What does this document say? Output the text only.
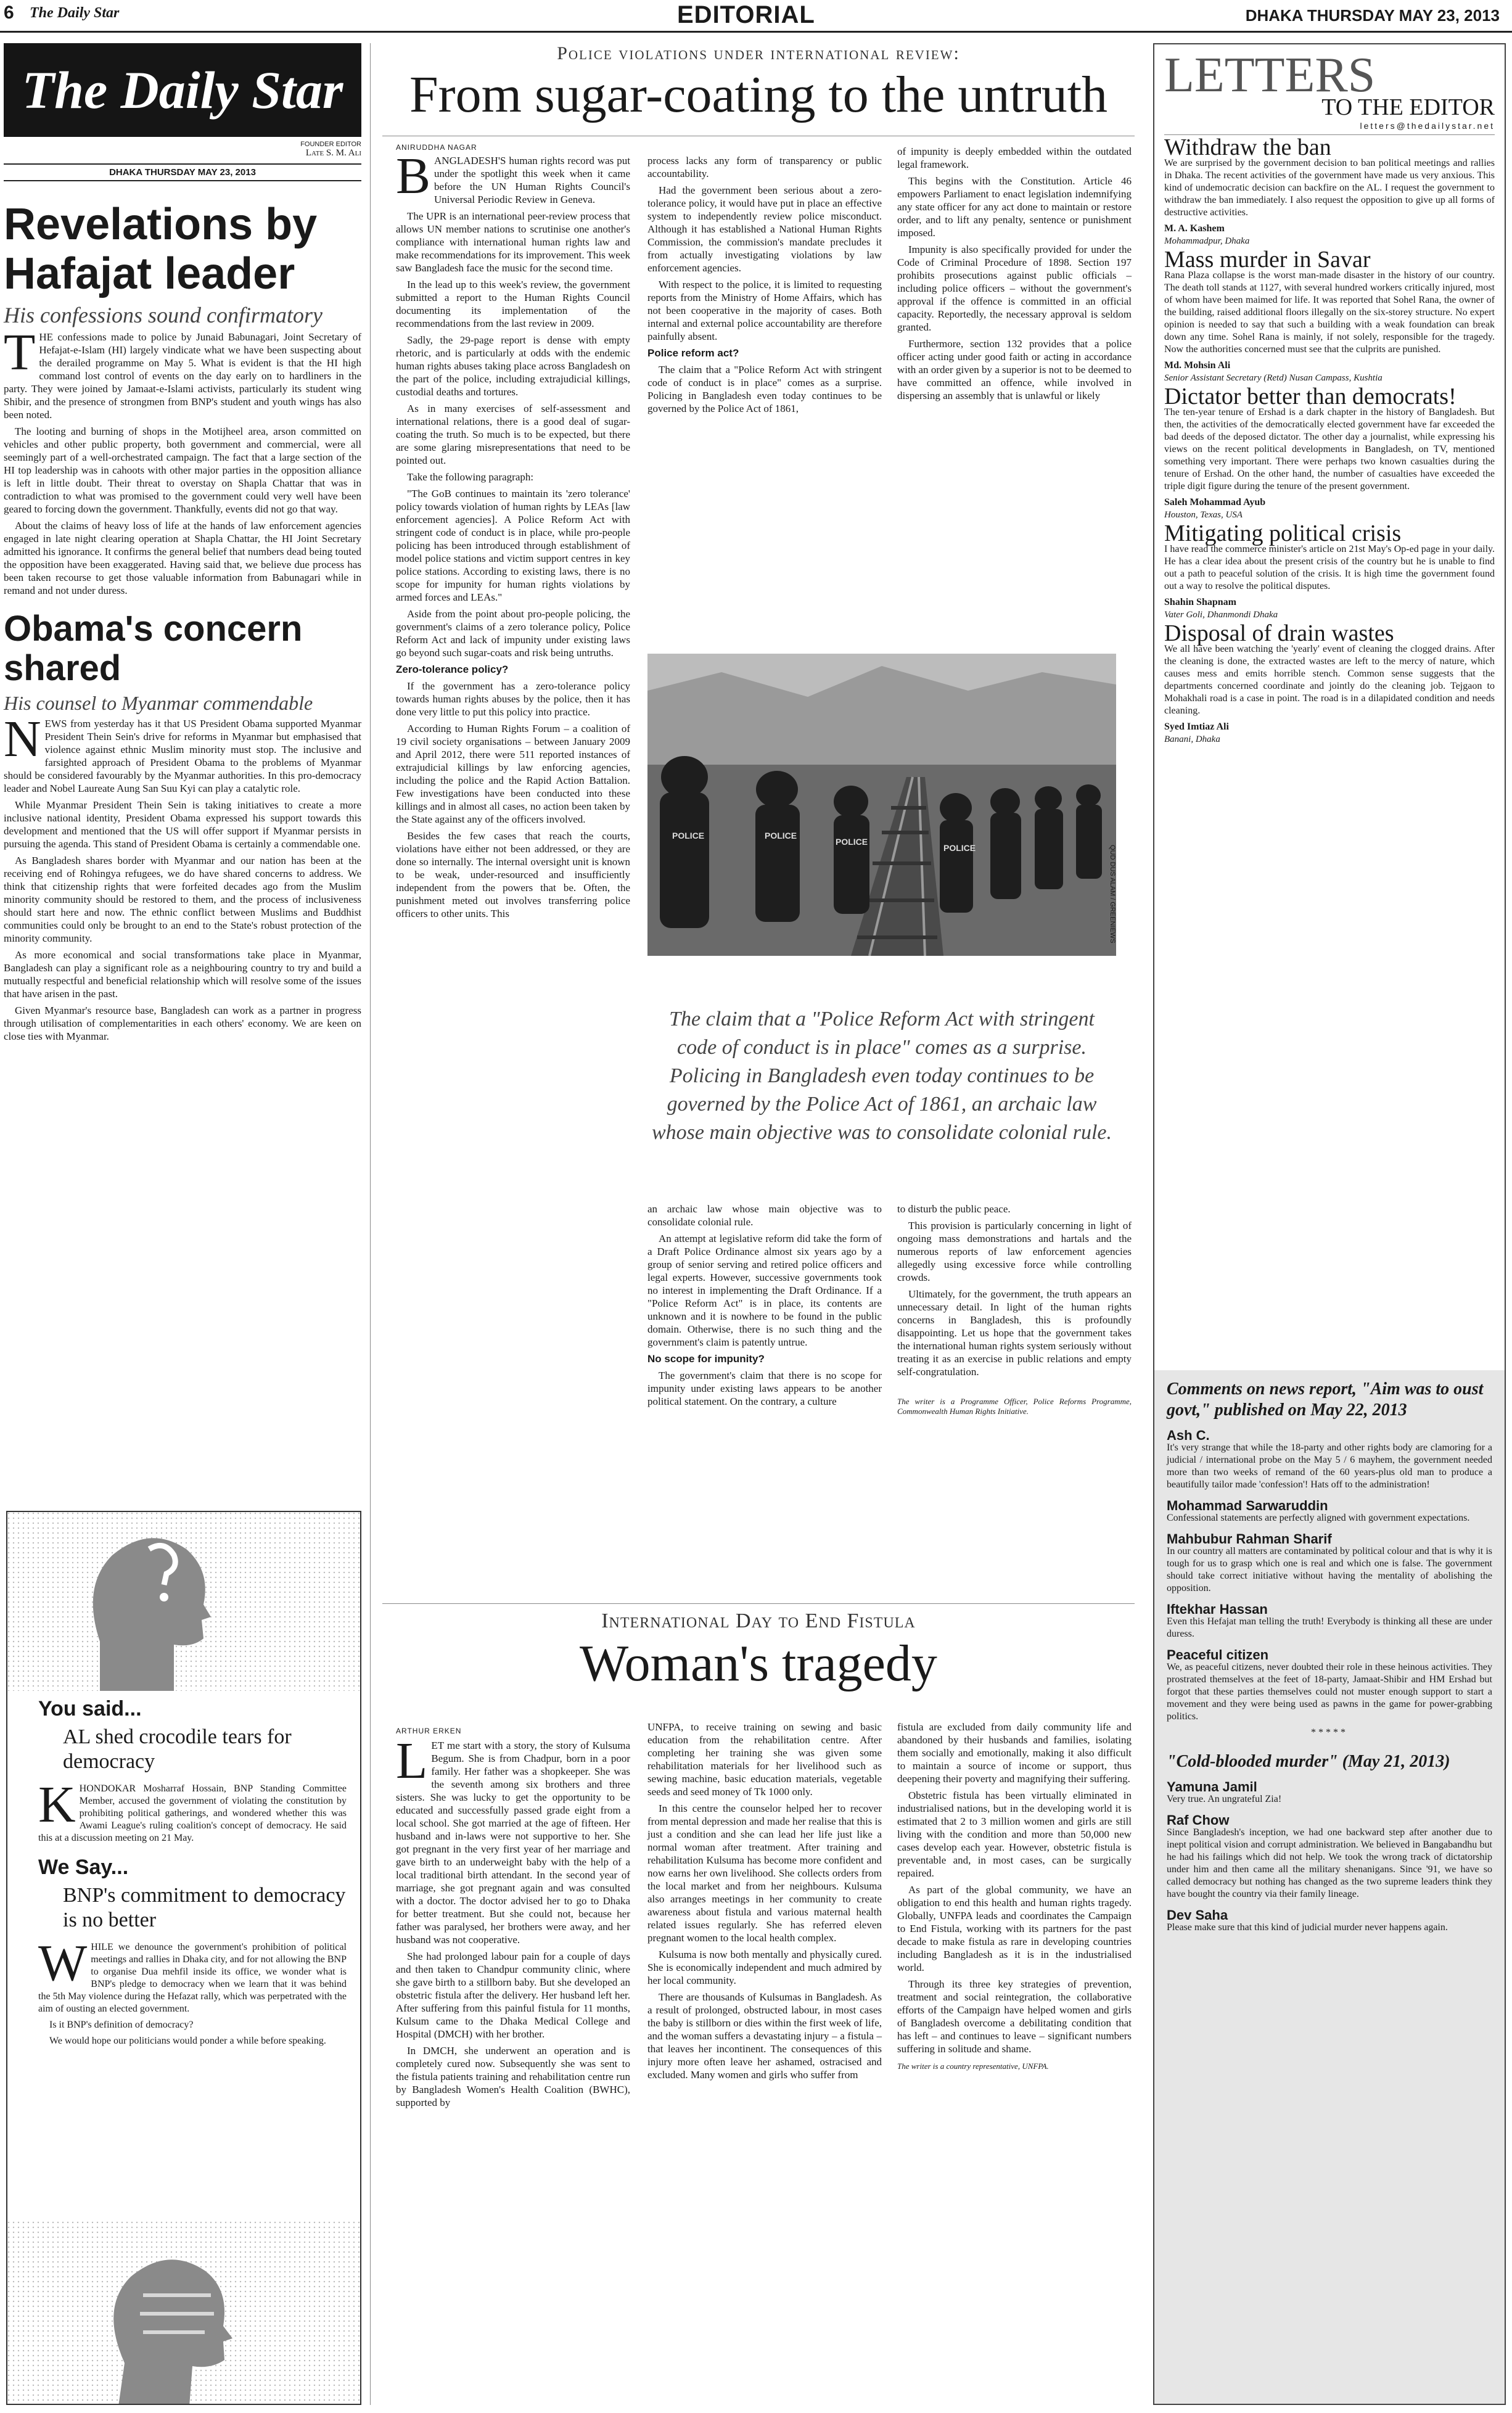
6 The Daily Star	EDITORIAL	DHAKA THURSDAY MAY 23, 2013
The Daily Star
FOUNDER EDITOR
Late S. M. Ali
DHAKA THURSDAY MAY 23, 2013
Revelations by Hafajat leader
His confessions sound confirmatory
T HE confessions made to police by Junaid Babunagari, Joint Secretary of Hefajat-e-Islam (HI) largely vindicate what we have been suspecting about the derailed programme on May 5. What is evident is that the HI high command lost control of events on the day early on to hardliners in the party. They were joined by Jamaat-e-Islami activists, particularly its student wing Shibir, and the presence of strongmen from BNP's student and youth wings has also been noted.

The looting and burning of shops in the Motijheel area, arson committed on vehicles and other public property, both government and commercial, were all seemingly part of a well-orchestrated campaign. The fact that a large section of the HI top leadership was in cahoots with other major parties in the opposition alliance is left in little doubt. Their threat to overstay on Shapla Chattar that was in contradiction to what was promised to the government could very well have been geared to forcing down the government. Thankfully, events did not go that way.

About the claims of heavy loss of life at the hands of law enforcement agencies engaged in late night clearing operation at Shapla Chattar, the HI Joint Secretary admitted his ignorance. It confirms the general belief that numbers dead being touted the opposition have been exaggerated. Having said that, we believe due process has been taken recourse to get those valuable information from Babunagari while in remand and not under duress.

Obama's concern shared
His counsel to Myanmar commendable
N EWS from yesterday has it that US President Obama supported Myanmar President Thein Sein's drive for reforms in Myanmar but emphasised that violence against ethnic Muslim minority must stop. The inclusive and farsighted approach of President Obama to the problems of Myanmar should be considered favourably by the Myanmar authorities. In this pro-democracy leader and Nobel Laureate Aung San Suu Kyi can play a catalytic role.

While Myanmar President Thein Sein is taking initiatives to create a more inclusive national identity, President Obama expressed his support towards this development and mentioned that the US will offer support if Myanmar persists in pursuing the agenda. This stand of President Obama is certainly a commendable one.

As Bangladesh shares border with Myanmar and our nation has been at the receiving end of Rohingya refugees, we do have shared concerns to address. We think that citizenship rights that were forfeited decades ago from the Muslim minority community should be restored to them, and the process of inclusiveness should start here and now. The ethnic conflict between Muslims and Buddhist communities could only be brought to an end to the State's robust protection of the minority community.

As more economical and social transformations take place in Myanmar, Bangladesh can play a significant role as a neighbouring country to try and build a mutually respectful and beneficial relationship which will resolve some of the issues that have arisen in the past.

Given Myanmar's resource base, Bangladesh can work as a partner in progress through utilisation of complementarities in each others' economy. We are keen on close ties with Myanmar.

You said...
AL shed crocodile tears for democracy
K HONDOKAR Mosharraf Hossain, BNP Standing Committee Member, accused the government of violating the constitution by prohibiting political gatherings, and wondered whether this was Awami League's ruling coalition's concept of democracy. He said this at a discussion meeting on 21 May.
We Say...
BNP's commitment to democracy is no better
W HILE we denounce the government's prohibition of political meetings and rallies in Dhaka city, and for not allowing the BNP to organise Dua mehfil inside its office, we wonder what is BNP's pledge to democracy when we learn that it was behind the 5th May violence during the Hefazat rally, which was perpetrated with the aim of ousting an elected government.

Is it BNP's definition of democracy?

We would hope our politicians would ponder a while before speaking.

Police violations under international review:
From sugar-coating to the untruth
ANIRUDDHA NAGAR
B ANGLADESH'S human rights record was put under the spotlight this week when it came before the UN Human Rights Council's Universal Periodic Review in Geneva.

The UPR is an international peer-review process that allows UN member nations to scrutinise one another's compliance with international human rights law and make recommendations for its improvement. This week saw Bangladesh face the music for the second time.

In the lead up to this week's review, the government submitted a report to the Human Rights Council documenting its implementation of the recommendations from the last review in 2009.

Sadly, the 29-page report is dense with empty rhetoric, and is particularly at odds with the endemic human rights abuses taking place across Bangladesh on the part of the police, including extrajudicial killings, custodial deaths and tortures.

As in many exercises of self-assessment and international relations, there is a good deal of sugar-coating the truth. So much is to be expected, but there are some glaring misrepresentations that need to be pointed out.

Take the following paragraph:

"The GoB continues to maintain its 'zero tolerance' policy towards violation of human rights by LEAs [law enforcement agencies]. A Police Reform Act with stringent code of conduct is in place, while pro-people policing has been introduced through establishment of model police stations and victim support centres in key police stations. According to existing laws, there is no scope for impunity for human rights violations by armed forces and LEAs."

Aside from the point about pro-people policing, the government's claims of a zero tolerance policy, Police Reform Act and lack of impunity under existing laws go beyond such sugar-coats and risk being untruths.

Zero-tolerance policy?

If the government has a zero-tolerance policy towards human rights abuses by the police, then it has done very little to put this policy into practice.

According to Human Rights Forum – a coalition of 19 civil society organisations – between January 2009 and April 2012, there were 511 reported instances of extrajudicial killings by law enforcing agencies, including the police and the Rapid Action Battalion. Few investigations have been conducted into these killings and in almost all cases, no action been taken by the State against any of the officers involved.

Besides the few cases that reach the courts, violations have either not been addressed, or they are done so internally. The internal oversight unit is known to be weak, under-resourced and insufficiently independent from the powers that be. Often, the punishment meted out involves transferring police officers to other units. This

process lacks any form of transparency or public accountability.

Had the government been serious about a zero-tolerance policy, it would have put in place an effective system to independently review police misconduct. Although it has established a National Human Rights Commission, the commission's mandate precludes it from actually investigating violations by law enforcement agencies.

With respect to the police, it is limited to requesting reports from the Ministry of Home Affairs, which has not been cooperative in the majority of cases. Both internal and external police accountability are therefore painfully absent.

Police reform act?

The claim that a "Police Reform Act with stringent code of conduct is in place" comes as a surprise. Policing in Bangladesh even today continues to be governed by the Police Act of 1861,

of impunity is deeply embedded within the outdated legal framework.

This begins with the Constitution. Article 46 empowers Parliament to enact legislation indemnifying any state officer for any act done to maintain or restore order, and to lift any penalty, sentence or punishment imposed.

Impunity is also specifically provided for under the Code of Criminal Procedure of 1898. Section 197 prohibits prosecutions against public officials – including police officers – without the government's approval if the offence is committed in an official capacity. Reportedly, the necessary approval is seldom granted.

Furthermore, section 132 provides that a police officer acting under good faith or acting in accordance with an order given by a superior is not to be deemed to have committed an offence, while involved in dispersing an assembly that is unlawful or likely

POLICE	POLICE
POLICE
POLICE	QUD DUS ALAM / GREENIEWS
The claim that a "Police Reform Act with stringent code of conduct is in place" comes as a surprise. Policing in Bangladesh even today continues to be governed by the Police Act of 1861, an archaic law whose main objective was to consolidate colonial rule.

an archaic law whose main objective was to consolidate colonial rule.

An attempt at legislative reform did take the form of a Draft Police Ordinance almost six years ago by a group of senior serving and retired police officers and legal experts. However, successive governments took no interest in implementing the Draft Ordinance. If a "Police Reform Act" is in place, its contents are unknown and it is nowhere to be found in the public domain. Otherwise, there is no such thing and the government's claim is patently untrue.

No scope for impunity?

The government's claim that there is no scope for impunity under existing laws appears to be another political statement. On the contrary, a culture

to disturb the public peace.

This provision is particularly concerning in light of ongoing mass demonstrations and hartals and the numerous reports of law enforcement agencies allegedly using excessive force while controlling crowds.

Ultimately, for the government, the truth appears an unnecessary detail. In light of the human rights concerns in Bangladesh, this is profoundly disappointing. Let us hope that the government takes the international human rights system seriously without treating it as an exercise in public relations and empty self-congratulation.

The writer is a Programme Officer, Police Reforms Programme, Commonwealth Human Rights Initiative.

International Day to End Fistula
Woman's tragedy
ARTHUR ERKEN
L ET me start with a story, the story of Kulsuma Begum. She is from Chadpur, born in a poor family. Her father was a shopkeeper. She was the seventh among six brothers and three sisters. She was lucky to get the opportunity to be educated and successfully passed grade eight from a local school. She got married at the age of fifteen. Her husband and in-laws were not supportive to her. She got pregnant in the very first year of her marriage and gave birth to an underweight baby with the help of a local traditional birth attendant. In the second year of marriage, she got pregnant again and was consulted with a doctor. The doctor advised her to go to Dhaka for better treatment. But she could not, because her father was paralysed, her brothers were away, and her husband was not cooperative.

She had prolonged labour pain for a couple of days and then taken to Chandpur community clinic, where she gave birth to a stillborn baby. But she developed an obstetric fistula after the delivery. Her husband left her. After suffering from this painful fistula for 11 months, Kulsum came to the Dhaka Medical College and Hospital (DMCH) with her brother.

In DMCH, she underwent an operation and is completely cured now. Subsequently she was sent to the fistula patients training and rehabilitation centre run by Bangladesh Women's Health Coalition (BWHC), supported by

UNFPA, to receive training on sewing and basic education from the rehabilitation centre. After completing her training she was given some rehabilitation materials for her livelihood such as sewing machine, basic education materials, vegetable seeds and seed money of Tk 1000 only.

In this centre the counselor helped her to recover from mental depression and made her realise that this is just a condition and she can lead her life just like a normal woman after treatment. After training and rehabilitation Kulsuma has become more confident and now earns her own livelihood. She collects orders from the local market and from her neighbours. Kulsuma also arranges meetings in her community to create awareness about fistula and various maternal health related issues regularly. She has referred eleven pregnant women to the local health complex.

Kulsuma is now both mentally and physically cured. She is economically independent and much admired by her local community.

There are thousands of Kulsumas in Bangladesh. As a result of prolonged, obstructed labour, in most cases the baby is stillborn or dies within the first week of life, and the woman suffers a devastating injury – a fistula – that leaves her incontinent. The consequences of this injury more often leave her ashamed, ostracised and excluded. Many women and girls who suffer from

fistula are excluded from daily community life and abandoned by their husbands and families, isolating them socially and emotionally, making it also difficult to maintain a source of income or support, thus deepening their poverty and magnifying their suffering.

Obstetric fistula has been virtually eliminated in industrialised nations, but in the developing world it is estimated that 2 to 3 million women and girls are still living with the condition and more than 50,000 new cases develop each year. However, obstetric fistula is preventable and, in most cases, can be surgically repaired.

As part of the global community, we have an obligation to end this health and human rights tragedy. Globally, UNFPA leads and coordinates the Campaign to End Fistula, working with its partners for the past decade to make fistula as rare in developing countries including Bangladesh as it is in the industrialised world.

Through its three key strategies of prevention, treatment and social reintegration, the collaborative efforts of the Campaign have helped women and girls of Bangladesh overcome a debilitating condition that has left – and continues to leave – significant numbers suffering in solitude and shame.

The writer is a country representative, UNFPA.

LETTERS
TO THE EDITOR
letters@thedailystar.net
Withdraw the ban

We are surprised by the government decision to ban political meetings and rallies in Dhaka. The recent activities of the government have made us very anxious. This kind of undemocratic decision can backfire on the AL. I request the government to withdraw the ban immediately. I also request the opposition to give up all forms of destructive activities.

M. A. Kashem
Mohammadpur, Dhaka
Mass murder in Savar

Rana Plaza collapse is the worst man-made disaster in the history of our country. The death toll stands at 1127, with several hundred workers critically injured, most of whom have been maimed for life. It was reported that Sohel Rana, the owner of the building, raised additional floors illegally on the six-storey structure. No expert opinion is needed to say that such a building with a weak foundation can break down any time. Sohel Rana is mainly, if not solely, responsible for the tragedy. Now the authorities concerned must see that the culprits are punished.

Md. Mohsin Ali
Senior Assistant Secretary (Retd) Nusan Campass, Kushtia
Dictator better than democrats!

The ten-year tenure of Ershad is a dark chapter in the history of Bangladesh. But then, the activities of the democratically elected government have far exceeded the bad deeds of the deposed dictator. The other day a journalist, while expressing his views on the recent political developments in Bangladesh, on TV, mentioned something very important. There were perhaps two known casualties during the tenure of Ershad. On the other hand, the number of casualties have exceeded the triple digit figure during the tenure of the present government.

Saleh Mohammad Ayub
Houston, Texas, USA
Mitigating political crisis

I have read the commerce minister's article on 21st May's Op-ed page in your daily. He has a clear idea about the present crisis of the country but he is unable to find out a path to peaceful solution of the crisis. It is high time the government found out a way to resolve the political disputes.

Shahin Shapnam
Vater Goli, Dhanmondi Dhaka
Disposal of drain wastes

We all have been watching the 'yearly' event of cleaning the clogged drains. After the cleaning is done, the extracted wastes are left to the mercy of nature, which causes mess and emits horrible stench. Common sense suggests that the departments concerned coordinate and jointly do the cleaning job. Tejgaon to Mohakhali road is a case in point. The road is in a dilapidated condition and needs cleaning.

Syed Imtiaz Ali
Banani, Dhaka
Comments on news report, "Aim was to oust govt," published on May 22, 2013
Ash C.

It's very strange that while the 18-party and other rights body are clamoring for a judicial / international probe on the May 5 / 6 mayhem, the government needed more than two weeks of remand of the 60 years-plus old man to produce a beautifully tailor made 'confession'! Hats off to the administration!

Mohammad Sarwaruddin

Confessional statements are perfectly aligned with government expectations.

Mahbubur Rahman Sharif

In our country all matters are contaminated by political colour and that is why it is tough for us to grasp which one is real and which one is false. The government should take correct initiative without having the mentality of abolishing the opposition.

Iftekhar Hassan

Even this Hefajat man telling the truth! Everybody is thinking all these are under duress.

Peaceful citizen

We, as peaceful citizens, never doubted their role in these heinous activities. They prostrated themselves at the feet of 18-party, Jamaat-Shibir and HM Ershad but forgot that these parties themselves could not muster enough support to start a movement and they were being used as pawns in the game for power-grabbing politics.

*****
"Cold-blooded murder" (May 21, 2013)
Yamuna Jamil

Very true. An ungrateful Zia!

Raf Chow

Since Bangladesh's inception, we had one backward step after another due to inept political vision and corrupt administration. We believed in Bangabandhu but he had his failings which did not help. We took the wrong track of dictatorship under him and then came all the military shenanigans. Since '91, we have so called democracy but nothing has changed as the two supreme leaders think they have bought the country via their family lineage.

Dev Saha

Please make sure that this kind of judicial murder never happens again.
